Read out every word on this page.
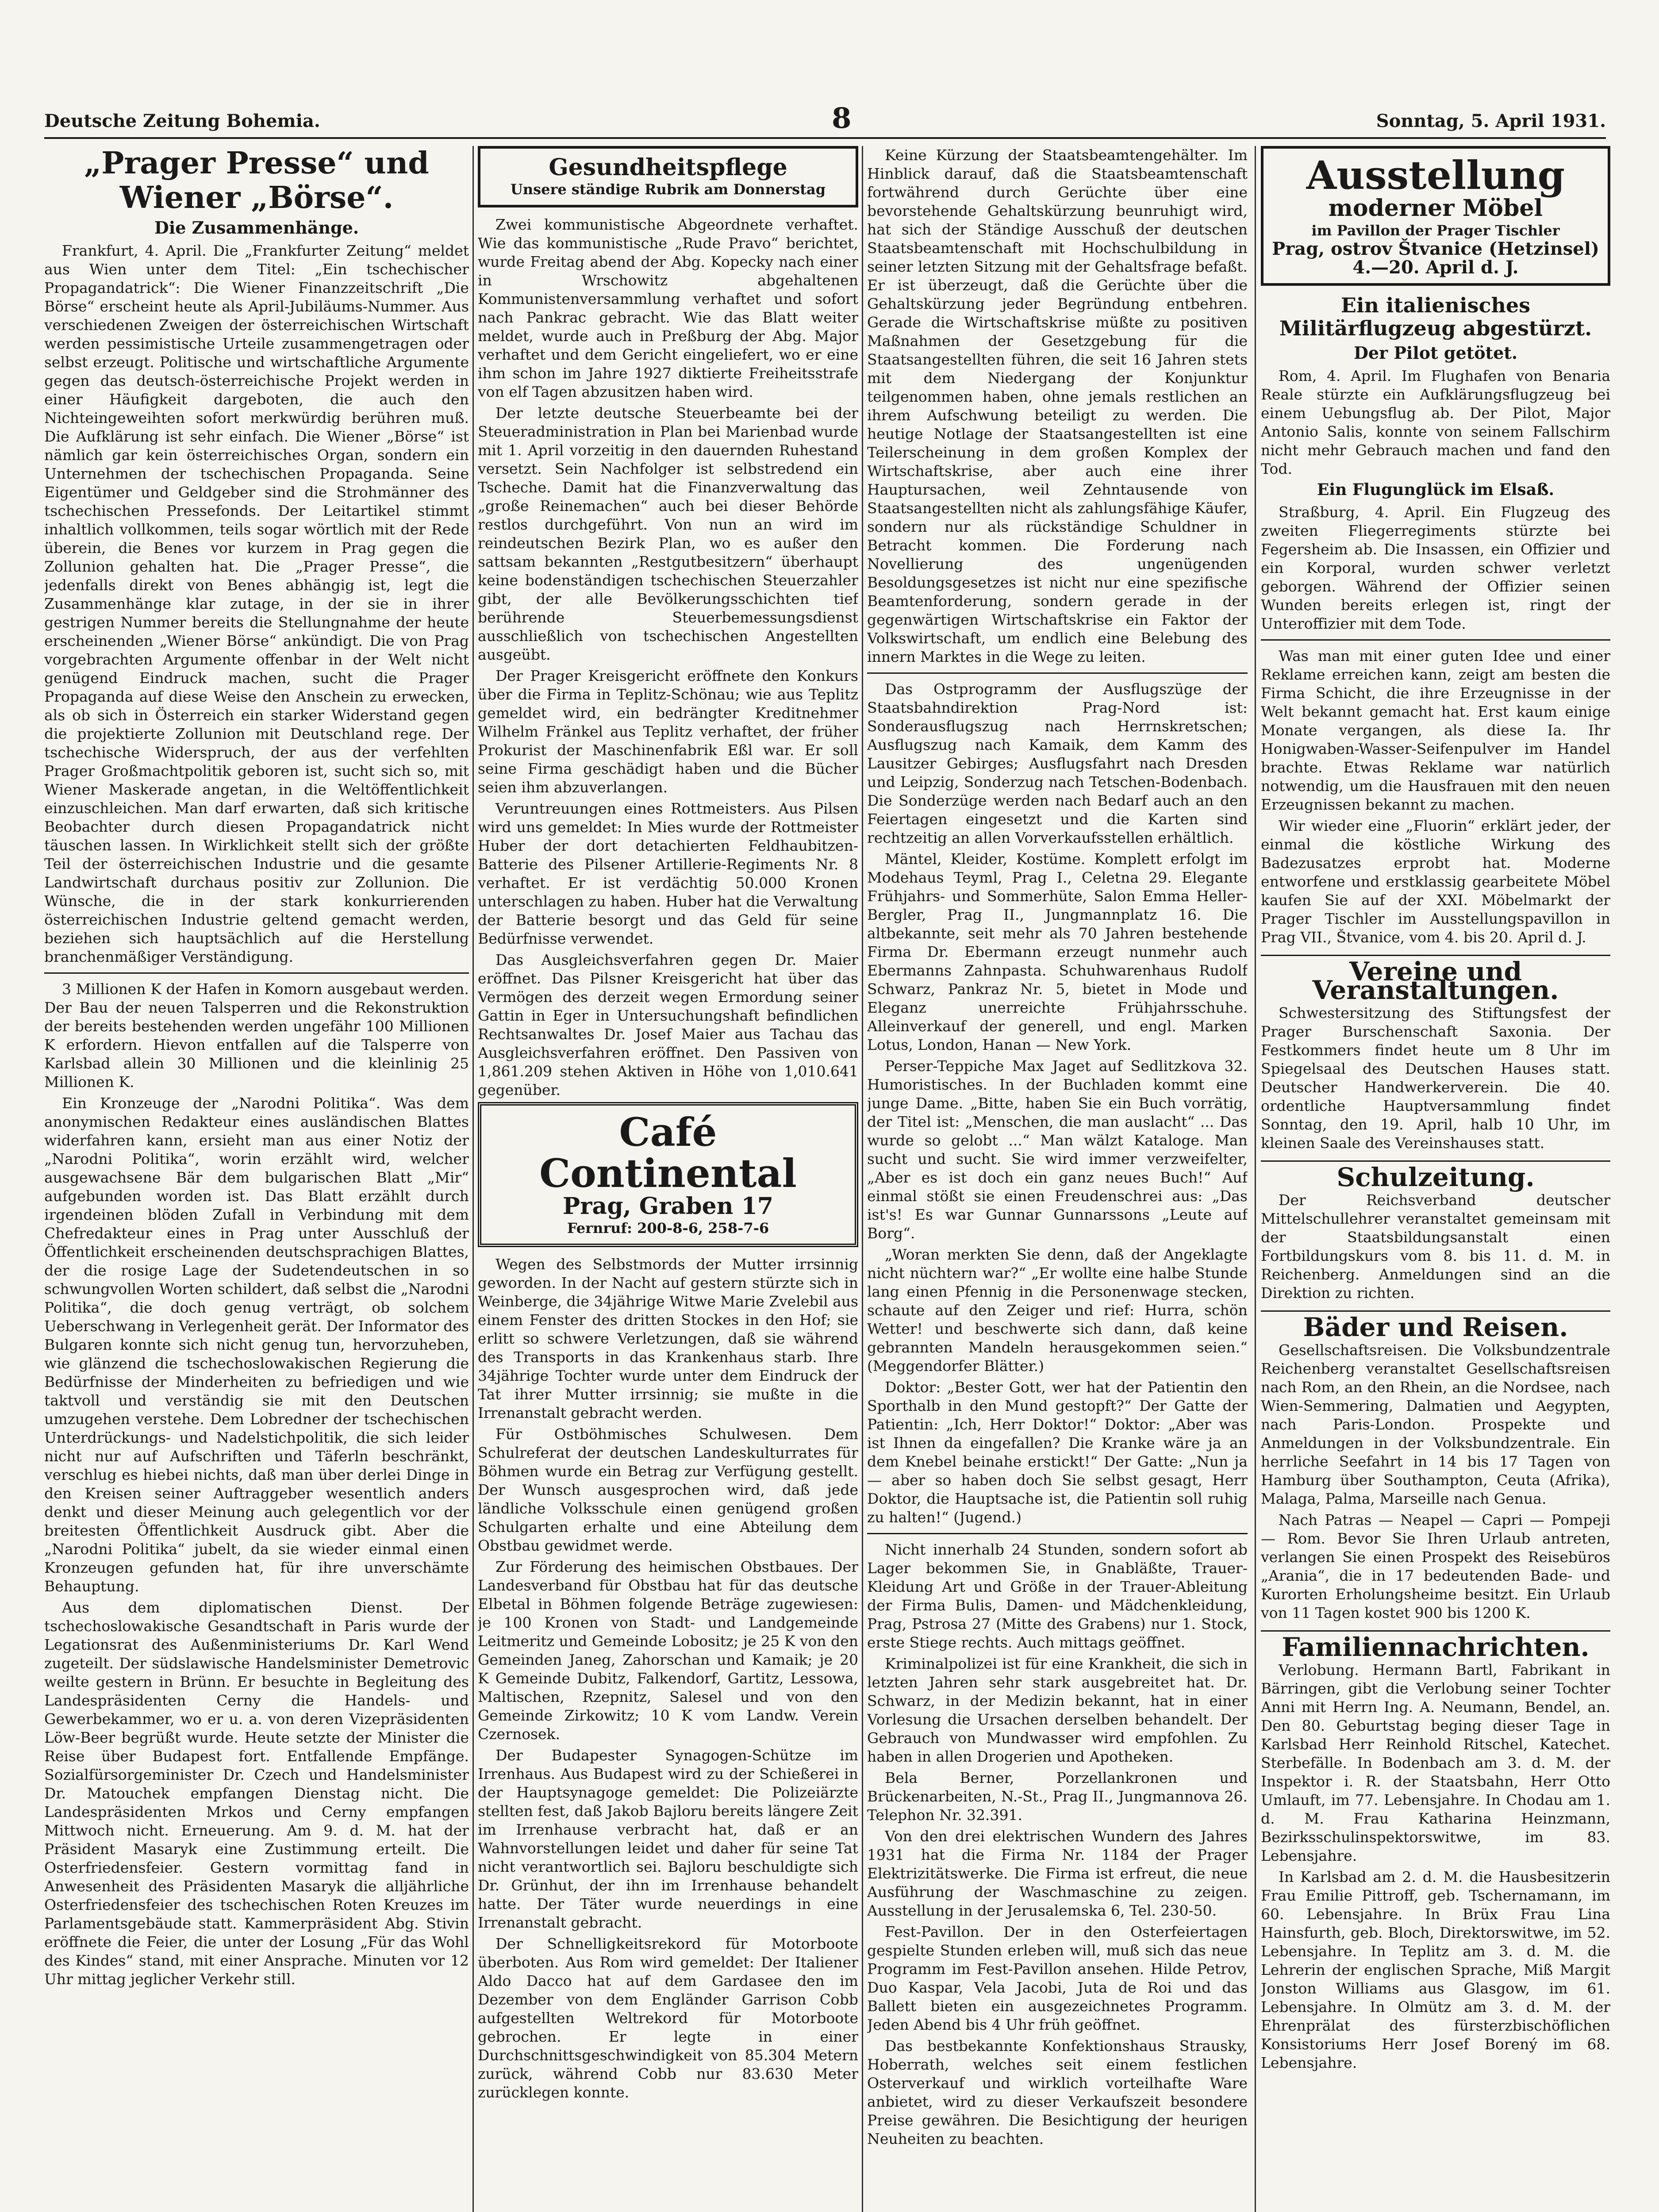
Deutsche Zeitung Bohemia.	8	Sonntag, 5. April 1931.
„Prager Presse“ und Wiener „Börse“.
Die Zusammenhänge.

Frankfurt, 4. April. Die „Frankfurter Zeitung“ meldet aus Wien unter dem Titel: „Ein tschechischer Propagandatrick“: Die Wiener Finanzzeitschrift „Die Börse“ erscheint heute als April-Jubiläums-Nummer. Aus verschiedenen Zweigen der österreichischen Wirtschaft werden pessimistische Urteile zusammengetragen oder selbst erzeugt. Politische und wirtschaftliche Argumente gegen das deutsch-österreichische Projekt werden in einer Häufigkeit dargeboten, die auch den Nichteingeweihten sofort merkwürdig berühren muß. Die Aufklärung ist sehr einfach. Die Wiener „Börse“ ist nämlich gar kein österreichisches Organ, sondern ein Unternehmen der tschechischen Propaganda. Seine Eigentümer und Geldgeber sind die Strohmänner des tschechischen Pressefonds. Der Leitartikel stimmt inhaltlich vollkommen, teils sogar wörtlich mit der Rede überein, die Benes vor kurzem in Prag gegen die Zollunion gehalten hat. Die „Prager Presse“, die jedenfalls direkt von Benes abhängig ist, legt die Zusammenhänge klar zutage, in der sie in ihrer gestrigen Nummer bereits die Stellungnahme der heute erscheinenden „Wiener Börse“ ankündigt. Die von Prag vorgebrachten Argumente offenbar in der Welt nicht genügend Eindruck machen, sucht die Prager Propaganda auf diese Weise den Anschein zu erwecken, als ob sich in Österreich ein starker Widerstand gegen die projektierte Zollunion mit Deutschland rege. Der tschechische Widerspruch, der aus der verfehlten Prager Großmachtpolitik geboren ist, sucht sich so, mit Wiener Maskerade angetan, in die Weltöffentlichkeit einzuschleichen. Man darf erwarten, daß sich kritische Beobachter durch diesen Propagandatrick nicht täuschen lassen. In Wirklichkeit stellt sich der größte Teil der österreichischen Industrie und die gesamte Landwirtschaft durchaus positiv zur Zollunion. Die Wünsche, die in der stark konkurrierenden österreichischen Industrie geltend gemacht werden, beziehen sich hauptsächlich auf die Herstellung branchenmäßiger Verständigung.

3 Millionen K der Hafen in Komorn ausgebaut werden. Der Bau der neuen Talsperren und die Rekonstruktion der bereits bestehenden werden ungefähr 100 Millionen K erfordern. Hievon entfallen auf die Talsperre von Karlsbad allein 30 Millionen und die kleinlinig 25 Millionen K.

Ein Kronzeuge der „Narodni Politika“. Was dem anonymischen Redakteur eines ausländischen Blattes widerfahren kann, ersieht man aus einer Notiz der „Narodni Politika“, worin erzählt wird, welcher ausgewachsene Bär dem bulgarischen Blatt „Mir“ aufgebunden worden ist. Das Blatt erzählt durch irgendeinen blöden Zufall in Verbindung mit dem Chefredakteur eines in Prag unter Ausschluß der Öffentlichkeit erscheinenden deutschsprachigen Blattes, der die rosige Lage der Sudetendeutschen in so schwungvollen Worten schildert, daß selbst die „Narodni Politika“, die doch genug verträgt, ob solchem Ueberschwang in Verlegenheit gerät. Der Informator des Bulgaren konnte sich nicht genug tun, hervorzuheben, wie glänzend die tschechoslowakischen Regierung die Bedürfnisse der Minderheiten zu befriedigen und wie taktvoll und verständig sie mit den Deutschen umzugehen verstehe. Dem Lobredner der tschechischen Unterdrückungs- und Nadelstichpolitik, die sich leider nicht nur auf Aufschriften und Täferln beschränkt, verschlug es hiebei nichts, daß man über derlei Dinge in den Kreisen seiner Auftraggeber wesentlich anders denkt und dieser Meinung auch gelegentlich vor der breitesten Öffentlichkeit Ausdruck gibt. Aber die „Narodni Politika“ jubelt, da sie wieder einmal einen Kronzeugen gefunden hat, für ihre unverschämte Behauptung.

Aus dem diplomatischen Dienst. Der tschechoslowakische Gesandtschaft in Paris wurde der Legationsrat des Außenministeriums Dr. Karl Wend zugeteilt. Der südslawische Handelsminister Demetrovic weilte gestern in Brünn. Er besuchte in Begleitung des Landespräsidenten Cerny die Handels- und Gewerbekammer, wo er u. a. von deren Vizepräsidenten Löw-Beer begrüßt wurde. Heute setzte der Minister die Reise über Budapest fort. Entfallende Empfänge. Sozialfürsorgeminister Dr. Czech und Handelsminister Dr. Matouchek empfangen Dienstag nicht. Die Landespräsidenten Mrkos und Cerny empfangen Mittwoch nicht. Erneuerung. Am 9. d. M. hat der Präsident Masaryk eine Zustimmung erteilt. Die Osterfriedensfeier. Gestern vormittag fand in Anwesenheit des Präsidenten Masaryk die alljährliche Osterfriedensfeier des tschechischen Roten Kreuzes im Parlamentsgebäude statt. Kammerpräsident Abg. Stivin eröffnete die Feier, die unter der Losung „Für das Wohl des Kindes“ stand, mit einer Ansprache. Minuten vor 12 Uhr mittag jeglicher Verkehr still.

Gesundheitspflege
Unsere ständige Rubrik am Donnerstag

Zwei kommunistische Abgeordnete verhaftet. Wie das kommunistische „Rude Pravo“ berichtet, wurde Freitag abend der Abg. Kopecky nach einer in Wrschowitz abgehaltenen Kommunistenversammlung verhaftet und sofort nach Pankrac gebracht. Wie das Blatt weiter meldet, wurde auch in Preßburg der Abg. Major verhaftet und dem Gericht eingeliefert, wo er eine ihm schon im Jahre 1927 diktierte Freiheitsstrafe von elf Tagen abzusitzen haben wird.

Der letzte deutsche Steuerbeamte bei der Steueradministration in Plan bei Marienbad wurde mit 1. April vorzeitig in den dauernden Ruhestand versetzt. Sein Nachfolger ist selbstredend ein Tscheche. Damit hat die Finanzverwaltung das „große Reinemachen“ auch bei dieser Behörde restlos durchgeführt. Von nun an wird im reindeutschen Bezirk Plan, wo es außer den sattsam bekannten „Restgutbesitzern“ überhaupt keine bodenständigen tschechischen Steuerzahler gibt, der alle Bevölkerungsschichten tief berührende Steuerbemessungsdienst ausschließlich von tschechischen Angestellten ausgeübt.

Der Prager Kreisgericht eröffnete den Konkurs über die Firma in Teplitz-Schönau; wie aus Teplitz gemeldet wird, ein bedrängter Kreditnehmer Wilhelm Fränkel aus Teplitz verhaftet, der früher Prokurist der Maschinenfabrik Eßl war. Er soll seine Firma geschädigt haben und die Bücher seien ihm abzuverlangen.

Veruntreuungen eines Rottmeisters. Aus Pilsen wird uns gemeldet: In Mies wurde der Rottmeister Huber der dort detachierten Feldhaubitzen-Batterie des Pilsener Artillerie-Regiments Nr. 8 verhaftet. Er ist verdächtig 50.000 Kronen unterschlagen zu haben. Huber hat die Verwaltung der Batterie besorgt und das Geld für seine Bedürfnisse verwendet.

Das Ausgleichsverfahren gegen Dr. Maier eröffnet. Das Pilsner Kreisgericht hat über das Vermögen des derzeit wegen Ermordung seiner Gattin in Eger in Untersuchungshaft befindlichen Rechtsanwaltes Dr. Josef Maier aus Tachau das Ausgleichsverfahren eröffnet. Den Passiven von 1,861.209 stehen Aktiven in Höhe von 1,010.641 gegenüber.

Café Continental
Prag, Graben 17
Fernruf: 200-8-6, 258-7-6

Wegen des Selbstmords der Mutter irrsinnig geworden. In der Nacht auf gestern stürzte sich in Weinberge, die 34jährige Witwe Marie Zvelebil aus einem Fenster des dritten Stockes in den Hof; sie erlitt so schwere Verletzungen, daß sie während des Transports in das Krankenhaus starb. Ihre 34jährige Tochter wurde unter dem Eindruck der Tat ihrer Mutter irrsinnig; sie mußte in die Irrenanstalt gebracht werden.

Für Ostböhmisches Schulwesen. Dem Schulreferat der deutschen Landeskulturrates für Böhmen wurde ein Betrag zur Verfügung gestellt. Der Wunsch ausgesprochen wird, daß jede ländliche Volksschule einen genügend großen Schulgarten erhalte und eine Abteilung dem Obstbau gewidmet werde.

Zur Förderung des heimischen Obstbaues. Der Landesverband für Obstbau hat für das deutsche Elbetal in Böhmen folgende Beträge zugewiesen: je 100 Kronen von Stadt- und Landgemeinde Leitmeritz und Gemeinde Lobositz; je 25 K von den Gemeinden Janeg, Zahorschan und Kamaik; je 20 K Gemeinde Dubitz, Falkendorf, Gartitz, Lessowa, Maltischen, Rzepnitz, Salesel und von den Gemeinde Zirkowitz; 10 K vom Landw. Verein Czernosek.

Der Budapester Synagogen-Schütze im Irrenhaus. Aus Budapest wird zu der Schießerei in der Hauptsynagoge gemeldet: Die Polizeiärzte stellten fest, daß Jakob Bajloru bereits längere Zeit im Irrenhause verbracht hat, daß er an Wahnvorstellungen leidet und daher für seine Tat nicht verantwortlich sei. Bajloru beschuldigte sich Dr. Grünhut, der ihn im Irrenhause behandelt hatte. Der Täter wurde neuerdings in eine Irrenanstalt gebracht.

Der Schnelligkeitsrekord für Motorboote überboten. Aus Rom wird gemeldet: Der Italiener Aldo Dacco hat auf dem Gardasee den im Dezember von dem Engländer Garrison Cobb aufgestellten Weltrekord für Motorboote gebrochen. Er legte in einer Durchschnittsgeschwindigkeit von 85.304 Metern zurück, während Cobb nur 83.630 Meter zurücklegen konnte.

Keine Kürzung der Staatsbeamtengehälter. Im Hinblick darauf, daß die Staatsbeamtenschaft fortwährend durch Gerüchte über eine bevorstehende Gehaltskürzung beunruhigt wird, hat sich der Ständige Ausschuß der deutschen Staatsbeamtenschaft mit Hochschulbildung in seiner letzten Sitzung mit der Gehaltsfrage befaßt. Er ist überzeugt, daß die Gerüchte über die Gehaltskürzung jeder Begründung entbehren. Gerade die Wirtschaftskrise müßte zu positiven Maßnahmen der Gesetzgebung für die Staatsangestellten führen, die seit 16 Jahren stets mit dem Niedergang der Konjunktur teilgenommen haben, ohne jemals restlichen an ihrem Aufschwung beteiligt zu werden. Die heutige Notlage der Staatsangestellten ist eine Teilerscheinung in dem großen Komplex der Wirtschaftskrise, aber auch eine ihrer Hauptursachen, weil Zehntausende von Staatsangestellten nicht als zahlungsfähige Käufer, sondern nur als rückständige Schuldner in Betracht kommen. Die Forderung nach Novellierung des ungenügenden Besoldungsgesetzes ist nicht nur eine spezifische Beamtenforderung, sondern gerade in der gegenwärtigen Wirtschaftskrise ein Faktor der Volkswirtschaft, um endlich eine Belebung des innern Marktes in die Wege zu leiten.

Das Ostprogramm der Ausflugszüge der Staatsbahndirektion Prag-Nord ist: Sonderausflugszug nach Herrnskretschen; Ausflugszug nach Kamaik, dem Kamm des Lausitzer Gebirges; Ausflugsfahrt nach Dresden und Leipzig, Sonderzug nach Tetschen-Bodenbach. Die Sonderzüge werden nach Bedarf auch an den Feiertagen eingesetzt und die Karten sind rechtzeitig an allen Vorverkaufsstellen erhältlich.

Mäntel, Kleider, Kostüme. Komplett erfolgt im Modehaus Teyml, Prag I., Celetna 29. Elegante Frühjahrs- und Sommerhüte, Salon Emma Heller-Bergler, Prag II., Jungmannplatz 16. Die altbekannte, seit mehr als 70 Jahren bestehende Firma Dr. Ebermann erzeugt nunmehr auch Ebermanns Zahnpasta. Schuhwarenhaus Rudolf Schwarz, Pankraz Nr. 5, bietet in Mode und Eleganz unerreichte Frühjahrsschuhe. Alleinverkauf der generell, und engl. Marken Lotus, London, Hanan — New York.

Perser-Teppiche Max Jaget auf Sedlitzkova 32. Humoristisches. In der Buchladen kommt eine junge Dame. „Bitte, haben Sie ein Buch vorrätig, der Titel ist: „Menschen, die man auslacht“ ... Das wurde so gelobt ...“ Man wälzt Kataloge. Man sucht und sucht. Sie wird immer verzweifelter, „Aber es ist doch ein ganz neues Buch!“ Auf einmal stößt sie einen Freudenschrei aus: „Das ist's! Es war Gunnar Gunnarssons „Leute auf Borg“.

„Woran merkten Sie denn, daß der Angeklagte nicht nüchtern war?“ „Er wollte eine halbe Stunde lang einen Pfennig in die Personenwage stecken, schaute auf den Zeiger und rief: Hurra, schön Wetter! und beschwerte sich dann, daß keine gebrannten Mandeln herausgekommen seien.“ (Meggendorfer Blätter.)

Doktor: „Bester Gott, wer hat der Patientin den Sporthalb in den Mund gestopft?“ Der Gatte der Patientin: „Ich, Herr Doktor!“ Doktor: „Aber was ist Ihnen da eingefallen? Die Kranke wäre ja an dem Knebel beinahe erstickt!“ Der Gatte: „Nun ja — aber so haben doch Sie selbst gesagt, Herr Doktor, die Hauptsache ist, die Patientin soll ruhig zu halten!“ (Jugend.)

Nicht innerhalb 24 Stunden, sondern sofort ab Lager bekommen Sie, in Gnabläßte, Trauer-Kleidung Art und Größe in der Trauer-Ableitung der Firma Bulis, Damen- und Mädchenkleidung, Prag, Pstrosa 27 (Mitte des Grabens) nur 1. Stock, erste Stiege rechts. Auch mittags geöffnet.

Kriminalpolizei ist für eine Krankheit, die sich in letzten Jahren sehr stark ausgebreitet hat. Dr. Schwarz, in der Medizin bekannt, hat in einer Vorlesung die Ursachen derselben behandelt. Der Gebrauch von Mundwasser wird empfohlen. Zu haben in allen Drogerien und Apotheken.

Bela Berner, Porzellankronen und Brückenarbeiten, N.-St., Prag II., Jungmannova 26. Telephon Nr. 32.391.

Von den drei elektrischen Wundern des Jahres 1931 hat die Firma Nr. 1184 der Prager Elektrizitätswerke. Die Firma ist erfreut, die neue Ausführung der Waschmaschine zu zeigen. Ausstellung in der Jerusalemska 6, Tel. 230-50.

Fest-Pavillon. Der in den Osterfeiertagen gespielte Stunden erleben will, muß sich das neue Programm im Fest-Pavillon ansehen. Hilde Petrov, Duo Kaspar, Vela Jacobi, Juta de Roi und das Ballett bieten ein ausgezeichnetes Programm. Jeden Abend bis 4 Uhr früh geöffnet.

Das bestbekannte Konfektionshaus Strausky, Hoberrath, welches seit einem festlichen Osterverkauf und wirklich vorteilhafte Ware anbietet, wird zu dieser Verkaufszeit besondere Preise gewähren. Die Besichtigung der heurigen Neuheiten zu beachten.

Ausstellung
moderner Möbel
im Pavillon der Prager Tischler
Prag, ostrov Štvanice (Hetzinsel)
4.—20. April d. J.
Ein italienisches Militärflugzeug abgestürzt.
Der Pilot getötet.

Rom, 4. April. Im Flughafen von Benaria Reale stürzte ein Aufklärungsflugzeug bei einem Uebungsflug ab. Der Pilot, Major Antonio Salis, konnte von seinem Fallschirm nicht mehr Gebrauch machen und fand den Tod.

Ein Flugunglück im Elsaß.

Straßburg, 4. April. Ein Flugzeug des zweiten Fliegerregiments stürzte bei Fegersheim ab. Die Insassen, ein Offizier und ein Korporal, wurden schwer verletzt geborgen. Während der Offizier seinen Wunden bereits erlegen ist, ringt der Unteroffizier mit dem Tode.

Was man mit einer guten Idee und einer Reklame erreichen kann, zeigt am besten die Firma Schicht, die ihre Erzeugnisse in der Welt bekannt gemacht hat. Erst kaum einige Monate vergangen, als diese Ia. Ihr Honigwaben-Wasser-Seifenpulver im Handel brachte. Etwas Reklame war natürlich notwendig, um die Hausfrauen mit den neuen Erzeugnissen bekannt zu machen.

Wir wieder eine „Fluorin“ erklärt jeder, der einmal die köstliche Wirkung des Badezusatzes erprobt hat. Moderne entworfene und erstklassig gearbeitete Möbel kaufen Sie auf der XXI. Möbelmarkt der Prager Tischler im Ausstellungspavillon in Prag VII., Štvanice, vom 4. bis 20. April d. J.

Vereine und Veranstaltungen.

Schwestersitzung des Stiftungsfest der Prager Burschenschaft Saxonia. Der Festkommers findet heute um 8 Uhr im Spiegelsaal des Deutschen Hauses statt. Deutscher Handwerkerverein. Die 40. ordentliche Hauptversammlung findet Sonntag, den 19. April, halb 10 Uhr, im kleinen Saale des Vereinshauses statt.

Schulzeitung.

Der Reichsverband deutscher Mittelschullehrer veranstaltet gemeinsam mit der Staatsbildungsanstalt einen Fortbildungskurs vom 8. bis 11. d. M. in Reichenberg. Anmeldungen sind an die Direktion zu richten.

Bäder und Reisen.

Gesellschaftsreisen. Die Volksbundzentrale Reichenberg veranstaltet Gesellschaftsreisen nach Rom, an den Rhein, an die Nordsee, nach Wien-Semmering, Dalmatien und Aegypten, nach Paris-London. Prospekte und Anmeldungen in der Volksbundzentrale. Ein herrliche Seefahrt in 14 bis 17 Tagen von Hamburg über Southampton, Ceuta (Afrika), Malaga, Palma, Marseille nach Genua.

Nach Patras — Neapel — Capri — Pompeji — Rom. Bevor Sie Ihren Urlaub antreten, verlangen Sie einen Prospekt des Reisebüros „Arania“, die in 17 bedeutenden Bade- und Kurorten Erholungsheime besitzt. Ein Urlaub von 11 Tagen kostet 900 bis 1200 K.

Familiennachrichten.

Verlobung. Hermann Bartl, Fabrikant in Bärringen, gibt die Verlobung seiner Tochter Anni mit Herrn Ing. A. Neumann, Bendel, an. Den 80. Geburtstag beging dieser Tage in Karlsbad Herr Reinhold Ritschel, Katechet. Sterbefälle. In Bodenbach am 3. d. M. der Inspektor i. R. der Staatsbahn, Herr Otto Umlauft, im 77. Lebensjahre. In Chodau am 1. d. M. Frau Katharina Heinzmann, Bezirksschulinspektorswitwe, im 83. Lebensjahre.

In Karlsbad am 2. d. M. die Hausbesitzerin Frau Emilie Pittroff, geb. Tschernamann, im 60. Lebensjahre. In Brüx Frau Lina Hainsfurth, geb. Bloch, Direktorswitwe, im 52. Lebensjahre. In Teplitz am 3. d. M. die Lehrerin der englischen Sprache, Miß Margit Jonston Williams aus Glasgow, im 61. Lebensjahre. In Olmütz am 3. d. M. der Ehrenprälat des fürsterzbischöflichen Konsistoriums Herr Josef Borený im 68. Lebensjahre.
